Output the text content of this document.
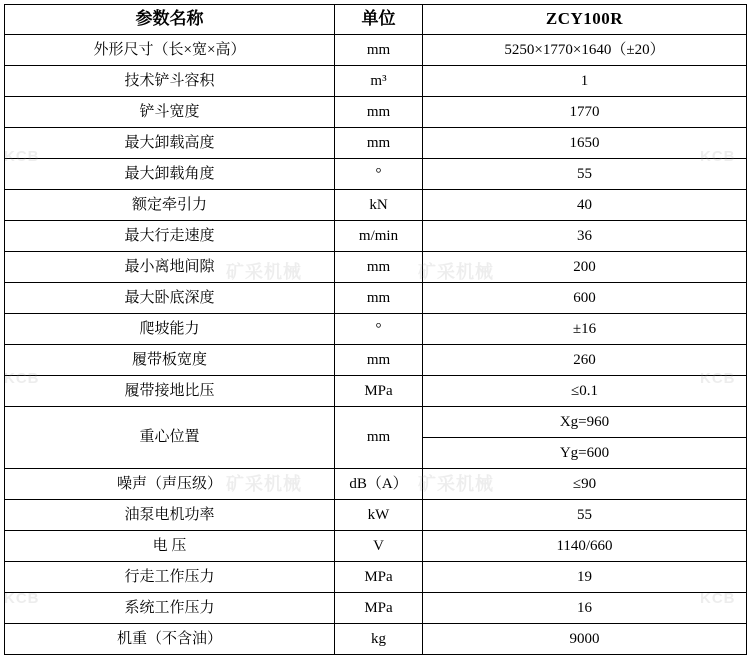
KCB	KCB
KCB	KCB
矿采机械	矿采机械
矿采机械	矿采机械
KCB	KCB
参数名称	单位	ZCY100R
外形尺寸（长×宽×高）	mm	5250×1770×1640（±20）
技术铲斗容积	m³	1
铲斗宽度	mm	1770
最大卸载高度	mm	1650
最大卸载角度	°	55
额定牵引力	kN	40
最大行走速度	m/min	36
最小离地间隙	mm	200
最大卧底深度	mm	600
爬坡能力	°	±16
履带板宽度	mm	260
履带接地比压	MPa	≤0.1
重心位置	mm	Xg=960
		Yg=600
噪声（声压级）	dB（A）	≤90
油泵电机功率	kW	55
电 压	V	1140/660
行走工作压力	MPa	19
系统工作压力	MPa	16
机重（不含油）	kg	9000
